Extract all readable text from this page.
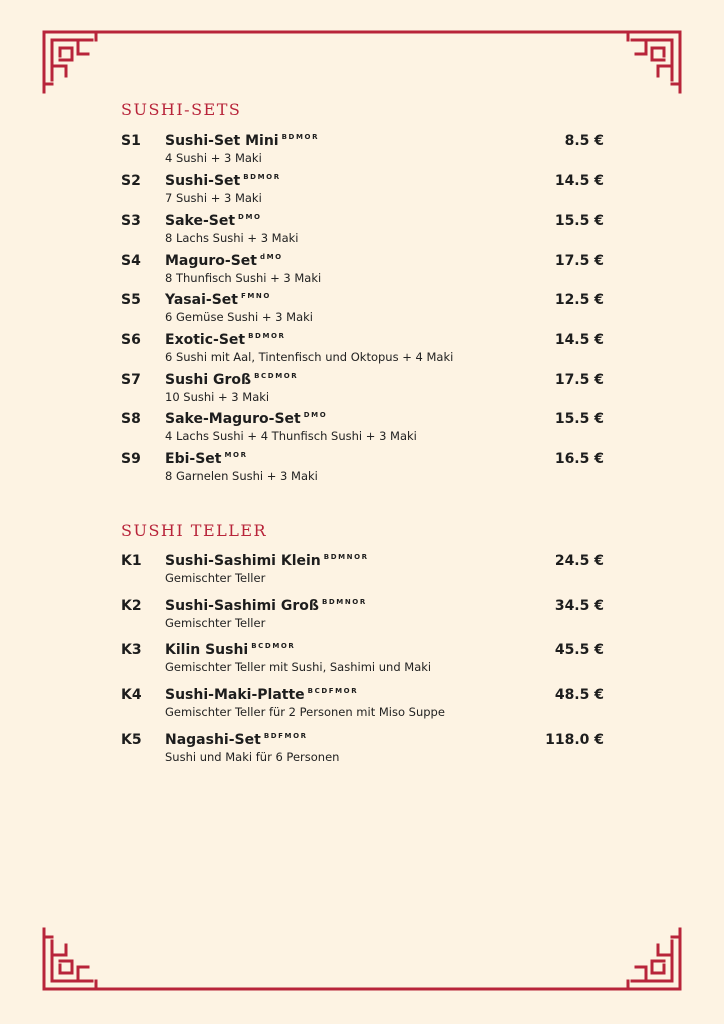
SUSHI-SETS
S1 Sushi-Set Mini $^{BDMOR}$
4 Sushi + 3 Maki
8.5 €
S2 Sushi-Set $^{BDMOR}$
7 Sushi + 3 Maki
14.5 €
S3 Sake-Set $^{DMO}$
8 Lachs Sushi + 3 Maki
15.5 €
S4 Maguro-Set $^{dMO}$
8 Thunfisch Sushi + 3 Maki
17.5 €
S5 Yasai-Set $^{FMNO}$
6 Gemüse Sushi + 3 Maki
12.5 €
S6 Exotic-Set $^{BDMOR}$
6 Sushi mit Aal, Tintenfisch und Oktopus + 4 Maki
14.5 €
S7 Sushi Groß $^{BCDMOR}$
10 Sushi + 3 Maki
17.5 €
S8 Sake-Maguro-Set $^{DMO}$
4 Lachs Sushi + 4 Thunfisch Sushi + 3 Maki
15.5 €
S9 Ebi-Set $^{MOR}$
8 Garnelen Sushi + 3 Maki
16.5 €
SUSHI TELLER
K1 Sushi-Sashimi Klein $^{BDMNOR}$
Gemischter Teller
24.5 €
K2 Sushi-Sashimi Groß $^{BDMNOR}$
Gemischter Teller
34.5 €
K3 Kilin Sushi $^{BCDMOR}$
Gemischter Teller mit Sushi, Sashimi und Maki
45.5 €
K4 Sushi-Maki-Platte $^{BCDFMOR}$
Gemischter Teller für 2 Personen mit Miso Suppe
48.5 €
K5 Nagashi-Set $^{BDFMOR}$
Sushi und Maki für 6 Personen
118.0 €
